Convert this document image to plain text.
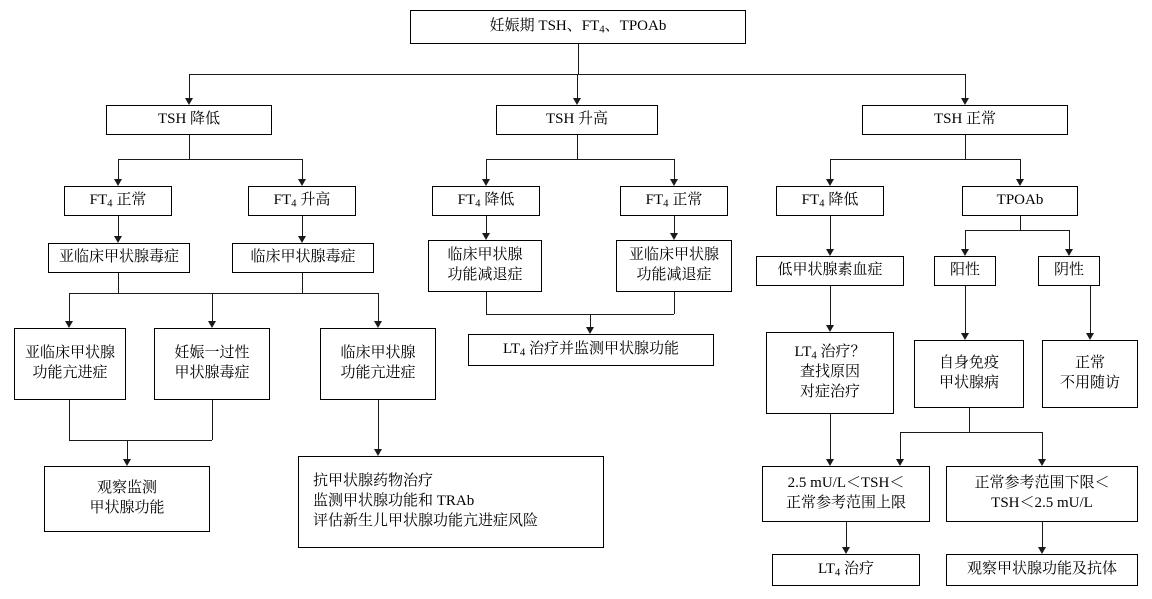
妊娠期 TSH、$FT_4$、TPOAb
TSH 降低	TSH 升高	TSH 正常
$FT_4$ 正常	$FT_4$ 升高	$FT_4$ 降低	$FT_4$ 正常	$FT_4$ 降低	TPOAb
亚临床甲状腺毒症	临床甲状腺毒症	临床甲状腺
功能减退症
亚临床甲状腺
功能减退症	低甲状腺素血症	阳性	阴性
亚临床甲状腺
功能亢进症
妊娠一过性
甲状腺毒症
临床甲状腺
功能亢进症
$LT_4$ 治疗并监测甲状腺功能	$LT_4$ 治疗？
查找原因
对症治疗
自身免疫
甲状腺病
正常
不用随访
观察监测
甲状腺功能
抗甲状腺药物治疗
监测甲状腺功能和 TRAb
评估新生儿甲状腺功能亢进症风险
2.5 mU/L＜TSH＜
正常参考范围上限
正常参考范围下限＜
TSH＜2.5 mU/L
$LT_4$ 治疗	观察甲状腺功能及抗体
